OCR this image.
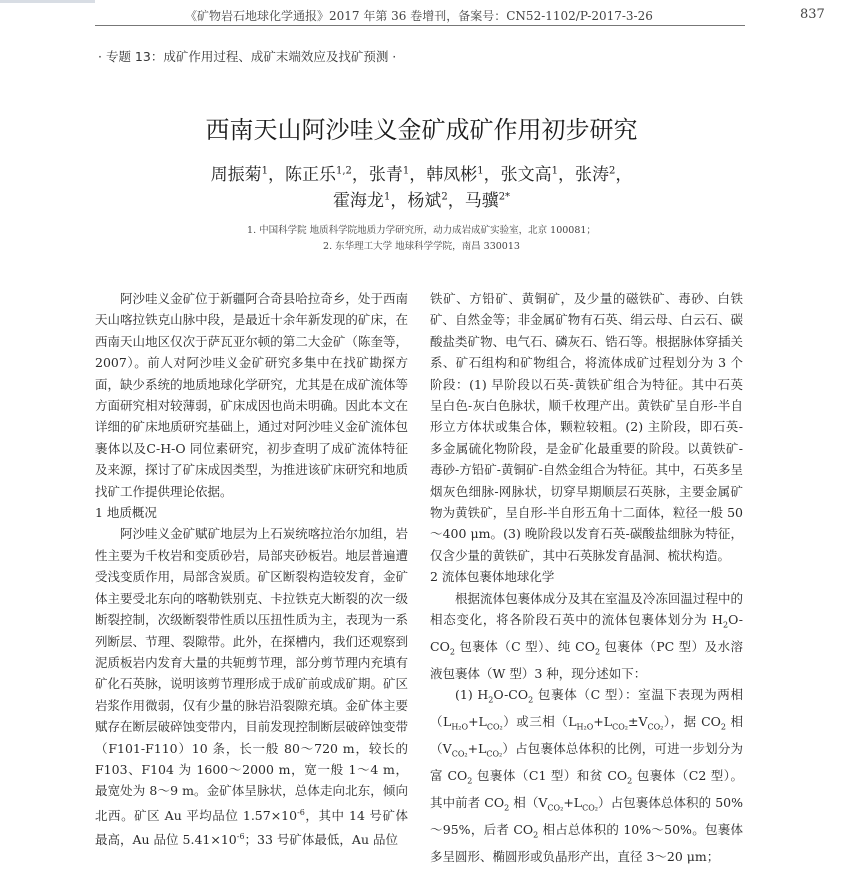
《矿物岩石地球化学通报》2017 年第 36 卷增刊，备案号：CN52-1102/P-2017-3-26	837
· 专题 13：成矿作用过程、成矿末端效应及找矿预测 ·
西南天山阿沙哇义金矿成矿作用初步研究
周振菊$^1$，陈正乐$^{1,2}$，张青$^1$，韩凤彬$^1$，张文高$^1$，张涛$^2$，
霍海龙$^1$，杨斌$^2$，马骥$^{2*}$
1. 中国科学院 地质科学院地质力学研究所，动力成岩成矿实验室，北京 100081；
2. 东华理工大学 地球科学学院，南昌 330013

阿沙哇义金矿位于新疆阿合奇县哈拉奇乡，处于西南天山喀拉铁克山脉中段，是最近十余年新发现的矿床，在西南天山地区仅次于萨瓦亚尔顿的第二大金矿（陈奎等，2007）。前人对阿沙哇义金矿研究多集中在找矿勘探方面，缺少系统的地质地球化学研究，尤其是在成矿流体等方面研究相对较薄弱，矿床成因也尚未明确。因此本文在详细的矿床地质研究基础上，通过对阿沙哇义金矿流体包裹体以及C-H-O 同位素研究，初步查明了成矿流体特征及来源，探讨了矿床成因类型，为推进该矿床研究和地质找矿工作提供理论依据。

1 地质概况

阿沙哇义金矿赋矿地层为上石炭统喀拉治尔加组，岩性主要为千枚岩和变质砂岩，局部夹砂板岩。地层普遍遭受浅变质作用，局部含炭质。矿区断裂构造较发育，金矿体主要受北东向的喀勒铁别克、卡拉铁克大断裂的次一级断裂控制，次级断裂带性质以压扭性质为主，表现为一系列断层、节理、裂隙带。此外，在探槽内，我们还观察到泥质板岩内发育大量的共轭剪节理，部分剪节理内充填有矿化石英脉，说明该剪节理形成于成矿前或成矿期。矿区岩浆作用微弱，仅有少量的脉岩沿裂隙充填。金矿体主要赋存在断层破碎蚀变带内，目前发现控制断层破碎蚀变带（F101-F110）10 条，长一般 80～720 m，较长的 F103、F104 为 1600～2000 m，宽一般 1～4 m，最宽处为 8～9 m。金矿体呈脉状，总体走向北东，倾向北西。矿区 Au 平均品位 $1.57\times 10^{-6}$，其中 14 号矿体最高，Au 品位 $5.41\times 10^{-6}$；33 号矿体最低，Au 品位

铁矿、方铅矿、黄铜矿，及少量的磁铁矿、毒砂、白铁矿、自然金等；非金属矿物有石英、绢云母、白云石、碳酸盐类矿物、电气石、磷灰石、锆石等。根据脉体穿插关系、矿石组构和矿物组合，将流体成矿过程划分为 3 个阶段：(1) 早阶段以石英-黄铁矿组合为特征。其中石英呈白色-灰白色脉状，顺千枚理产出。黄铁矿呈自形-半自形立方体状或集合体，颗粒较粗。(2) 主阶段，即石英-多金属硫化物阶段，是金矿化最重要的阶段。以黄铁矿-毒砂-方铅矿-黄铜矿-自然金组合为特征。其中，石英多呈烟灰色细脉-网脉状，切穿早期顺层石英脉，主要金属矿物为黄铁矿，呈自形-半自形五角十二面体，粒径一般 50～400 μm。(3) 晚阶段以发育石英-碳酸盐细脉为特征，仅含少量的黄铁矿，其中石英脉发育晶洞、梳状构造。

2 流体包裹体地球化学

根据流体包裹体成分及其在室温及冷冻回温过程中的相态变化，将各阶段石英中的流体包裹体划分为 $H_2O-CO_2$ 包裹体（C 型）、纯 $CO_2$ 包裹体（PC 型）及水溶液包裹体（W 型）3 种，现分述如下：

(1) $H_2O-CO_2$ 包裹体（C 型）：室温下表现为两相$(L_{H_2O}+L_{CO_2})$或三相$(L_{H_2O}+L_{CO_2}\pm V_{CO_2})$，据 $CO_2$ 相$(V_{CO_2}+L_{CO_2})$占包裹体总体积的比例，可进一步划分为富 $CO_2$ 包裹体（C1 型）和贫 $CO_2$ 包裹体（C2 型）。其中前者 $CO_2$ 相$(V_{CO_2}+L_{CO_2})$占包裹体总体积的 50%～95%，后者 $CO_2$ 相占总体积的 10%～50%。包裹体多呈圆形、椭圆形或负晶形产出，直径 3～20 μm；
